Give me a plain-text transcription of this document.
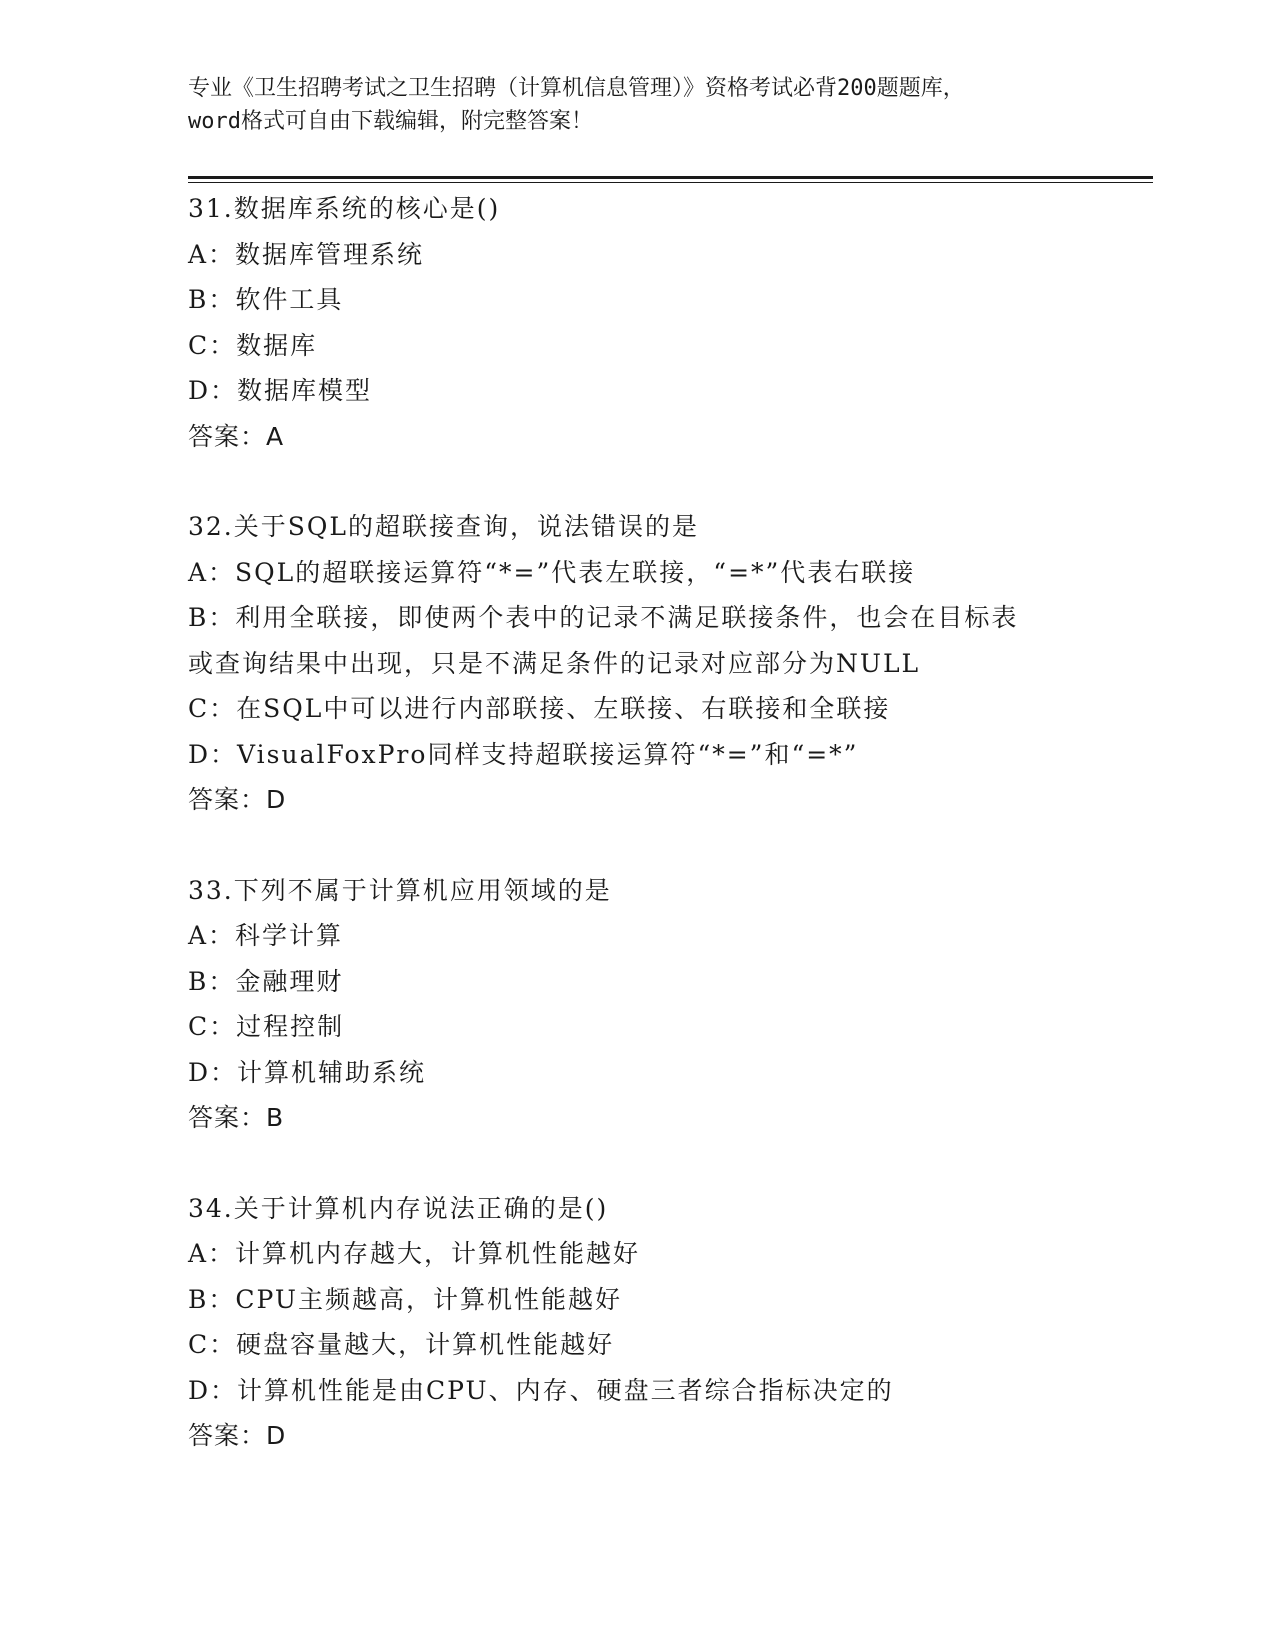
专业《卫生招聘考试之卫生招聘（计算机信息管理）》资格考试必背200题题库，
word格式可自由下载编辑，附完整答案！
31.数据库系统的核心是()
A：数据库管理系统
B：软件工具
C：数据库
D：数据库模型
答案：A
32.关于SQL的超联接查询，说法错误的是
A：SQL的超联接运算符“*=”代表左联接，“=*”代表右联接
B：利用全联接，即使两个表中的记录不满足联接条件，也会在目标表
或查询结果中出现，只是不满足条件的记录对应部分为NULL
C：在SQL中可以进行内部联接、左联接、右联接和全联接
D：VisualFoxPro同样支持超联接运算符“*=”和“=*”
答案：D
33.下列不属于计算机应用领域的是
A：科学计算
B：金融理财
C：过程控制
D：计算机辅助系统
答案：B
34.关于计算机内存说法正确的是()
A：计算机内存越大，计算机性能越好
B：CPU主频越高，计算机性能越好
C：硬盘容量越大，计算机性能越好
D：计算机性能是由CPU、内存、硬盘三者综合指标决定的
答案：D
